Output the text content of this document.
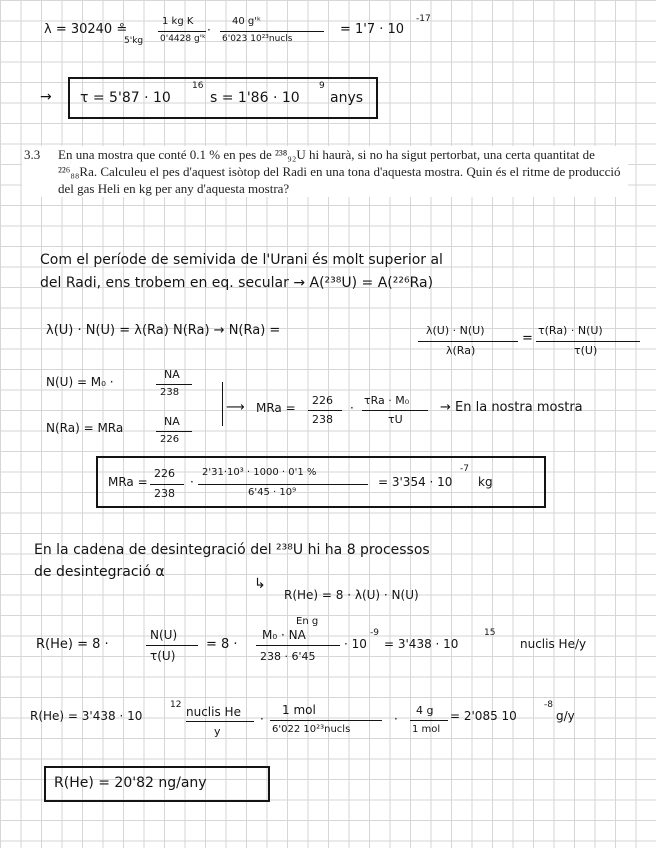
λ = 30240 ≗
5'kg
1 kg K
0'4428 g'ᵏ
·
40 g'ᵏ
6'023 10²³nucls
= 1'7 · 10
-17
→ τ = 5'87 · 10
16
s = 1'86 · 10
9
anys
3.3 En una mostra que conté 0.1 % en pes de ²³⁸₉₂U hi haurà, si no ha sigut pertorbat, una certa quantitat de ²²⁶₈₈Ra. Calculeu el pes d'aquest isòtop del Radi en una tona d'aquesta mostra. Quin és el ritme de producció del gas Heli en kg per any d'aquesta mostra?
Com el període de semivida de l'Urani és molt superior al
del Radi, ens trobem en eq. secular → A(²³⁸U) = A(²²⁶Ra)
λ(U) · N(U) = λ(Ra) N(Ra) → N(Ra) =	λ(U) · N(U)
λ(Ra)
=
τ(Ra) · N(U)
τ(U)
N(U) = M₀ ·
NA
238
N(Ra) = MRa	NA
226
⟶ MRa =
226
238
·
τRa · M₀
τU
→ En la nostra mostra
MRa =
226
238
·
2'31·10³ · 1000 · 0'1 %
6'45 · 10⁹
= 3'354 · 10
-7
kg
En la cadena de desintegració del ²³⁸U hi ha 8 processos
de desintegració α
↳
R(He) = 8 · λ(U) · N(U)
En g
R(He) = 8 ·
N(U)
τ(U)
= 8 ·
M₀ · NA
238 · 6'45
· 10
-9
= 3'438 · 10
15
nuclis He/y
R(He) = 3'438 · 10
12 nuclis He
y
·
1 mol
6'022 10²³nucls
·
4 g
1 mol
= 2'085 10
-8
g/y
R(He) = 20'82 ng/any
